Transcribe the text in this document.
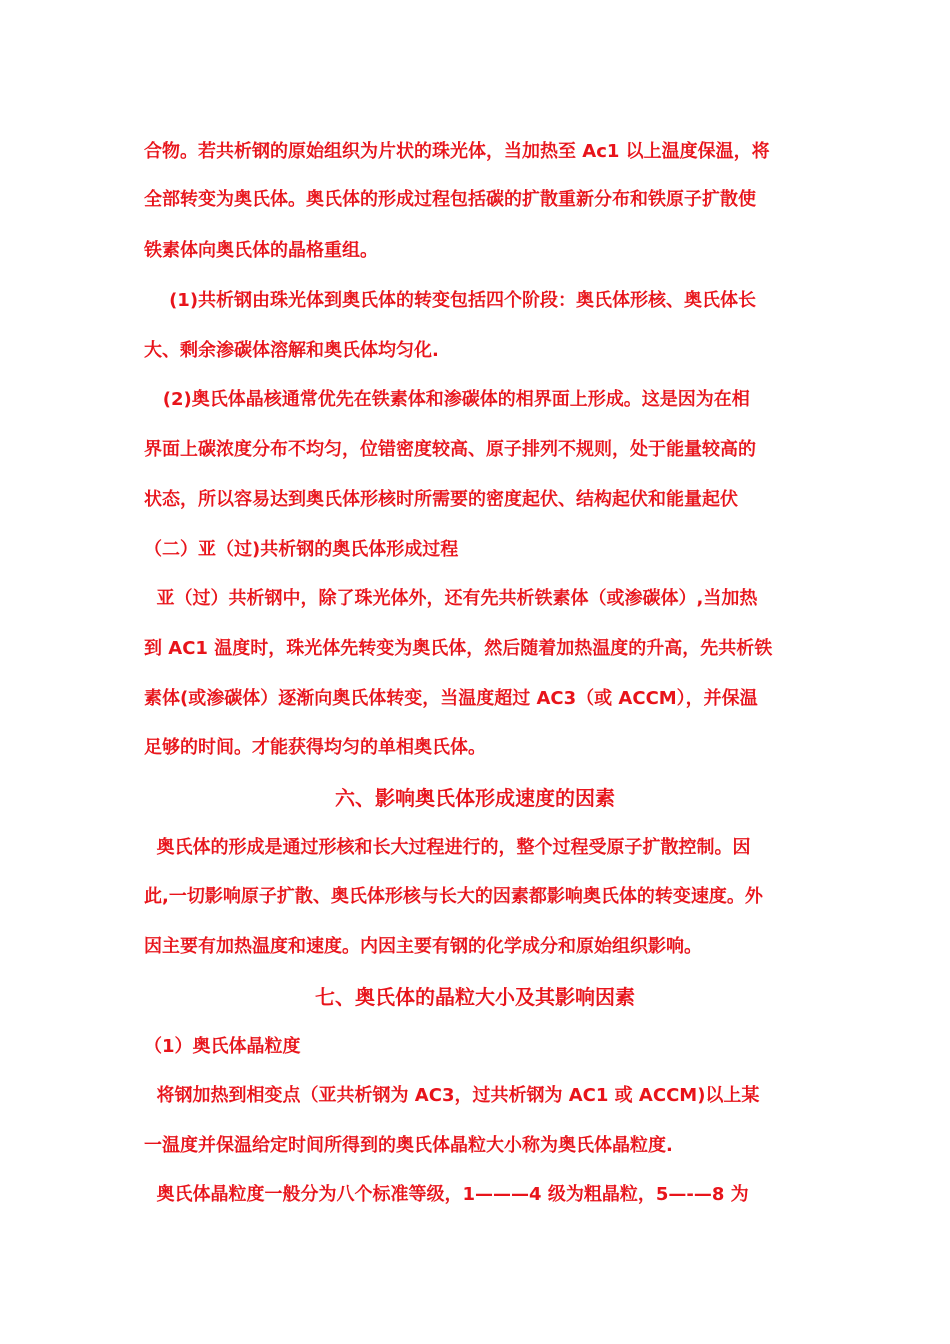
合物。若共析钢的原始组织为片状的珠光体，当加热至 Ac1 以上温度保温，将
全部转变为奥氏体。奥氏体的形成过程包括碳的扩散重新分布和铁原子扩散使
铁素体向奥氏体的晶格重组。
(1)共析钢由珠光体到奥氏体的转变包括四个阶段：奥氏体形核、奥氏体长
大、剩余渗碳体溶解和奥氏体均匀化.
(2)奥氏体晶核通常优先在铁素体和渗碳体的相界面上形成。这是因为在相
界面上碳浓度分布不均匀，位错密度较高、原子排列不规则，处于能量较高的
状态，所以容易达到奥氏体形核时所需要的密度起伏、结构起伏和能量起伏
（二）亚（过)共析钢的奥氏体形成过程
亚（过）共析钢中，除了珠光体外，还有先共析铁素体（或渗碳体）,当加热
到 AC1 温度时，珠光体先转变为奥氏体，然后随着加热温度的升高，先共析铁
素体(或渗碳体）逐渐向奥氏体转变，当温度超过 AC3（或 ACCM），并保温
足够的时间。才能获得均匀的单相奥氏体。
六、影响奥氏体形成速度的因素
奥氏体的形成是通过形核和长大过程进行的，整个过程受原子扩散控制。因
此,一切影响原子扩散、奥氏体形核与长大的因素都影响奥氏体的转变速度。外
因主要有加热温度和速度。内因主要有钢的化学成分和原始组织影响。
七、奥氏体的晶粒大小及其影响因素
（1）奥氏体晶粒度
将钢加热到相变点（亚共析钢为 AC3，过共析钢为 AC1 或 ACCM)以上某
一温度并保温给定时间所得到的奥氏体晶粒大小称为奥氏体晶粒度.
奥氏体晶粒度一般分为八个标准等级，1———4 级为粗晶粒，5—-—8 为
